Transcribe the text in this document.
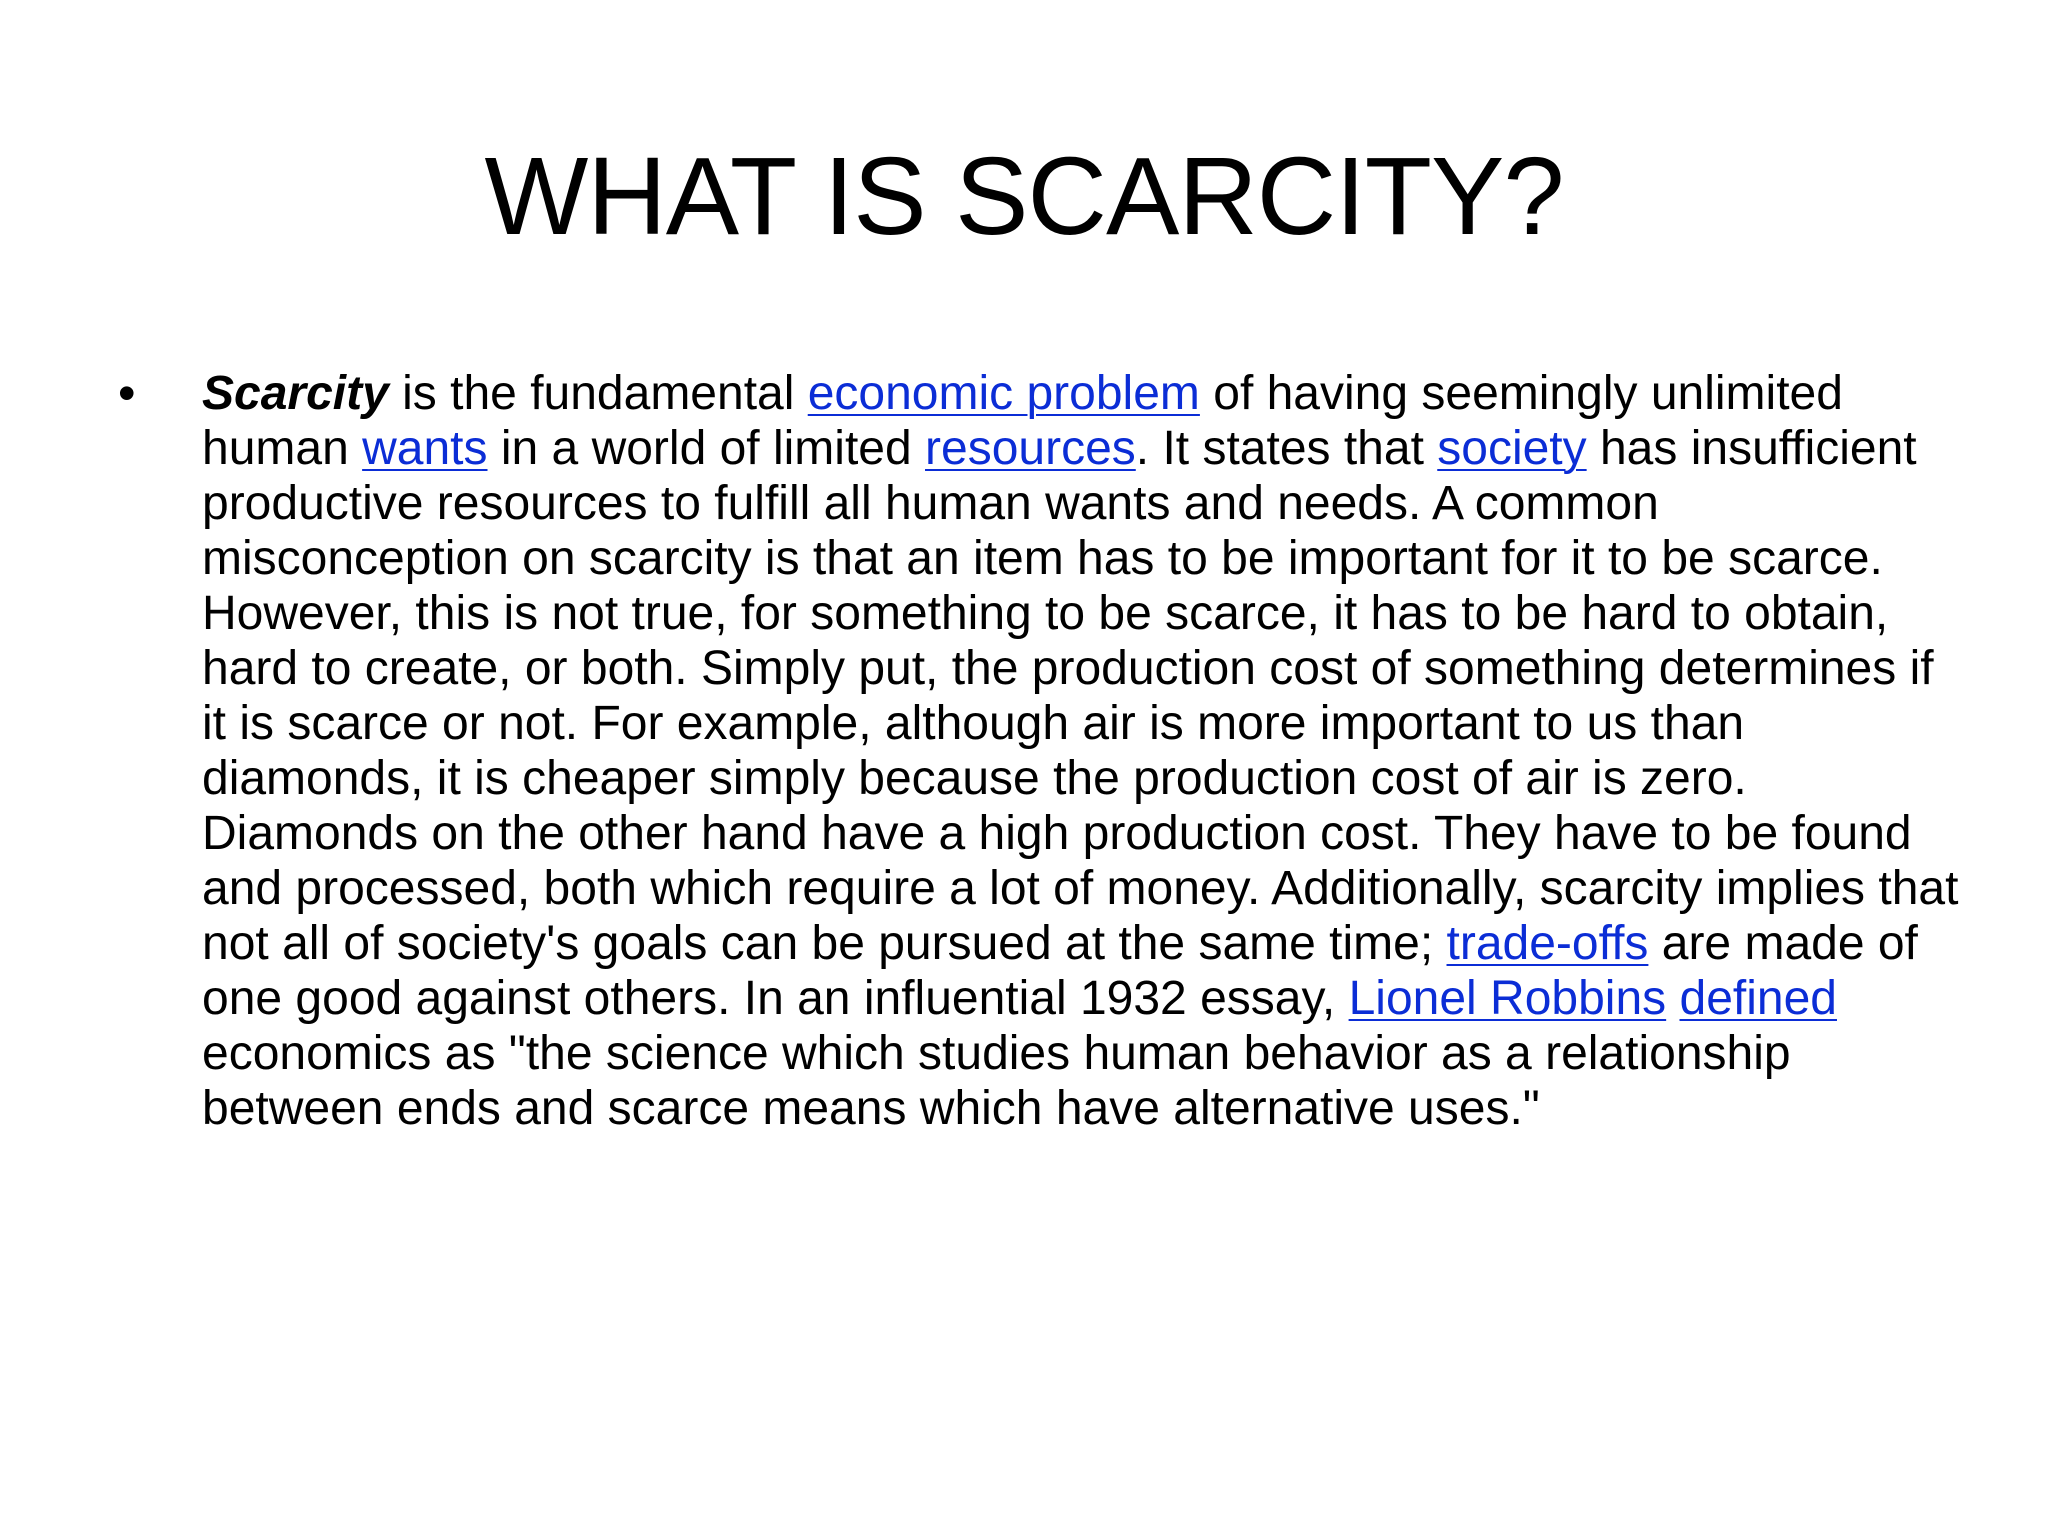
WHAT IS SCARCITY?
•	Scarcity is the fundamental economic problem of having seemingly unlimited human wants in a world of limited resources. It states that society has insufficient productive resources to fulfill all human wants and needs. A common misconception on scarcity is that an item has to be important for it to be scarce. However, this is not true, for something to be scarce, it has to be hard to obtain, hard to create, or both. Simply put, the production cost of something determines if it is scarce or not. For example, although air is more important to us than diamonds, it is cheaper simply because the production cost of air is zero. Diamonds on the other hand have a high production cost. They have to be found and processed, both which require a lot of money. Additionally, scarcity implies that not all of society's goals can be pursued at the same time; trade-offs are made of one good against others. In an influential 1932 essay, Lionel Robbins defined economics as "the science which studies human behavior as a relationship between ends and scarce means which have alternative uses."
